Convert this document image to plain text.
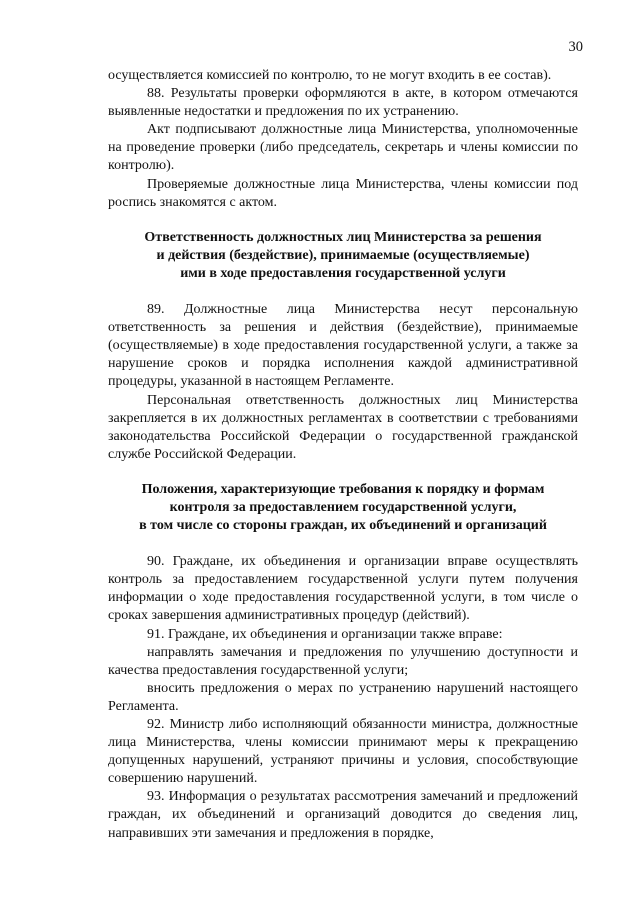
30

осуществляется комиссией по контролю, то не могут входить в ее состав).

88. Результаты проверки оформляются в акте, в котором отмечаются выявленные недостатки и предложения по их устранению.

Акт подписывают должностные лица Министерства, уполномоченные на проведение проверки (либо председатель, секретарь и члены комиссии по контролю).

Проверяемые должностные лица Министерства, члены комиссии под роспись знакомятся с актом.

Ответственность должностных лиц Министерства за решения
и действия (бездействие), принимаемые (осуществляемые)
ими в ходе предоставления государственной услуги

89. Должностные лица Министерства несут персональную ответственность за решения и действия (бездействие), принимаемые (осуществляемые) в ходе предоставления государственной услуги, а также за нарушение сроков и порядка исполнения каждой административной процедуры, указанной в настоящем Регламенте.

Персональная ответственность должностных лиц Министерства закрепляется в их должностных регламентах в соответствии с требованиями законодательства Российской Федерации о государственной гражданской службе Российской Федерации.

Положения, характеризующие требования к порядку и формам
контроля за предоставлением государственной услуги,
в том числе со стороны граждан, их объединений и организаций

90. Граждане, их объединения и организации вправе осуществлять контроль за предоставлением государственной услуги путем получения информации о ходе предоставления государственной услуги, в том числе о сроках завершения административных процедур (действий).

91. Граждане, их объединения и организации также вправе:

направлять замечания и предложения по улучшению доступности и качества предоставления государственной услуги;

вносить предложения о мерах по устранению нарушений настоящего Регламента.

92. Министр либо исполняющий обязанности министра, должностные лица Министерства, члены комиссии принимают меры к прекращению допущенных нарушений, устраняют причины и условия, способствующие совершению нарушений.

93. Информация о результатах рассмотрения замечаний и предложений граждан, их объединений и организаций доводится до сведения лиц, направивших эти замечания и предложения в порядке,
